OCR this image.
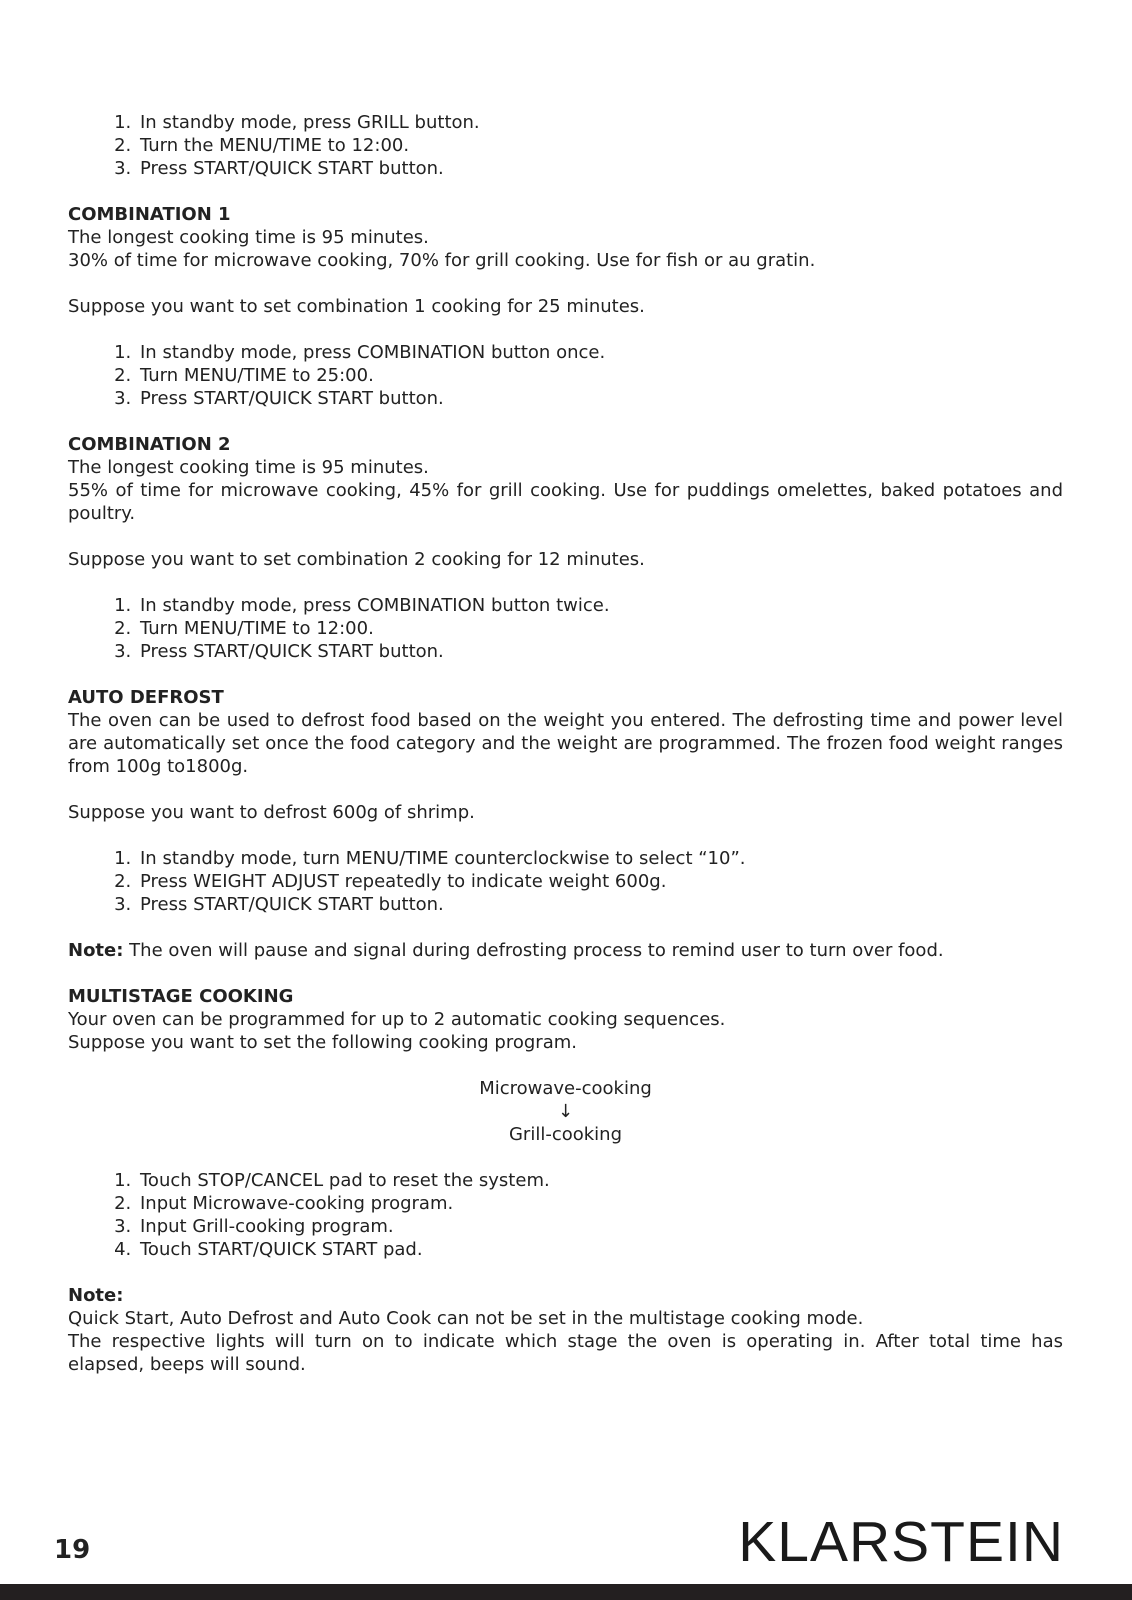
1. In standby mode, press GRILL button.
2. Turn the MENU/TIME to 12:00.
3. Press START/QUICK START button.

COMBINATION 1

The longest cooking time is 95 minutes.

30% of time for microwave cooking, 70% for grill cooking. Use for fish or au gratin.

Suppose you want to set combination 1 cooking for 25 minutes.

1. In standby mode, press COMBINATION button once.
2. Turn MENU/TIME to 25:00.
3. Press START/QUICK START button.

COMBINATION 2

The longest cooking time is 95 minutes.

55% of time for microwave cooking, 45% for grill cooking. Use for puddings omelettes, baked potatoes and poultry.

Suppose you want to set combination 2 cooking for 12 minutes.

1. In standby mode, press COMBINATION button twice.
2. Turn MENU/TIME to 12:00.
3. Press START/QUICK START button.

AUTO DEFROST

The oven can be used to defrost food based on the weight you entered. The defrosting time and power level are automatically set once the food category and the weight are programmed. The frozen food weight ranges from 100g to1800g.

Suppose you want to defrost 600g of shrimp.

1. In standby mode, turn MENU/TIME counterclockwise to select “10”.
2. Press WEIGHT ADJUST repeatedly to indicate weight 600g.
3. Press START/QUICK START button.

Note: The oven will pause and signal during defrosting process to remind user to turn over food.

MULTISTAGE COOKING

Your oven can be programmed for up to 2 automatic cooking sequences.

Suppose you want to set the following cooking program.

Microwave-cooking

↓

Grill-cooking

1. Touch STOP/CANCEL pad to reset the system.
2. Input Microwave-cooking program.
3. Input Grill-cooking program.
4. Touch START/QUICK START pad.

Note:

Quick Start, Auto Defrost and Auto Cook can not be set in the multistage cooking mode.

The respective lights will turn on to indicate which stage the oven is operating in. After total time has elapsed, beeps will sound.

19	KLARSTEIN
